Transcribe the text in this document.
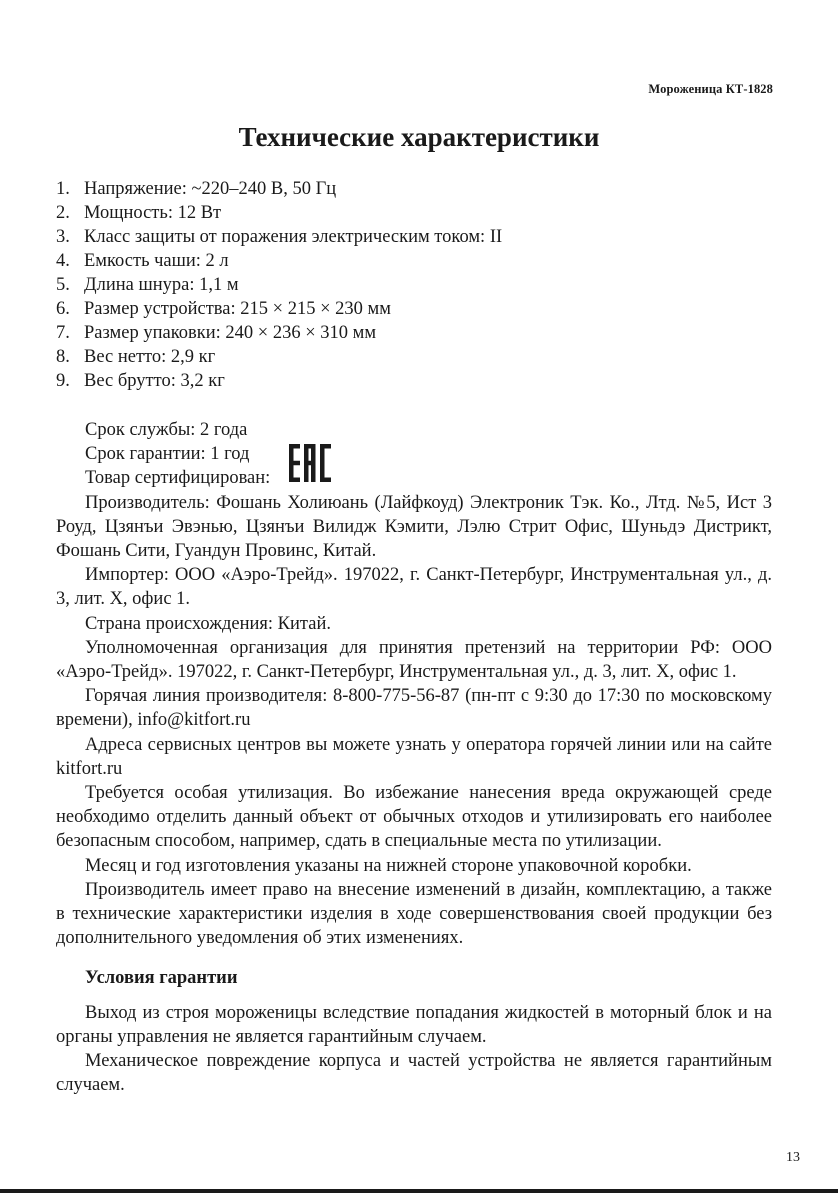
Мороженица КТ-1828
Технические характеристики
1. Напряжение: ~220–240 В, 50 Гц
2. Мощность: 12 Вт
3. Класс защиты от поражения электрическим током: II
4. Емкость чаши: 2 л
5. Длина шнура: 1,1 м
6. Размер устройства: 215 × 215 × 230 мм
7. Размер упаковки: 240 × 236 × 310 мм
8. Вес нетто: 2,9 кг
9. Вес брутто: 3,2 кг

Срок службы: 2 года

Срок гарантии: 1 год

Товар сертифицирован:

Производитель: Фошань Холиюань (Лайфкоуд) Электроник Тэк. Ко., Лтд. №5, Ист 3 Роуд, Цзянъи Эвэнью, Цзянъи Вилидж Кэмити, Лэлю Стрит Офис, Шуньдэ Дистрикт, Фошань Сити, Гуандун Провинс, Китай.

Импортер: ООО «Аэро-Трейд». 197022, г. Санкт-Петербург, Инструментальная ул., д. 3, лит. Х, офис 1.

Страна происхождения: Китай.

Уполномоченная организация для принятия претензий на территории РФ: ООО «Аэро-Трейд». 197022, г. Санкт-Петербург, Инструментальная ул., д. 3, лит. Х, офис 1.

Горячая линия производителя: 8-800-775-56-87 (пн-пт с 9:30 до 17:30 по московскому времени), info@kitfort.ru

Адреса сервисных центров вы можете узнать у оператора горячей линии или на сайте kitfort.ru

Требуется особая утилизация. Во избежание нанесения вреда окружающей среде необходимо отделить данный объект от обычных отходов и утилизировать его наиболее безопасным способом, например, сдать в специальные места по утилизации.

Месяц и год изготовления указаны на нижней стороне упаковочной коробки.

Производитель имеет право на внесение изменений в дизайн, комплектацию, а также в технические характеристики изделия в ходе совершенствования своей продукции без дополнительного уведомления об этих изменениях.

Условия гарантии

Выход из строя мороженицы вследствие попадания жидкостей в моторный блок и на органы управления не является гарантийным случаем.

Механическое повреждение корпуса и частей устройства не является гарантийным случаем.

13
